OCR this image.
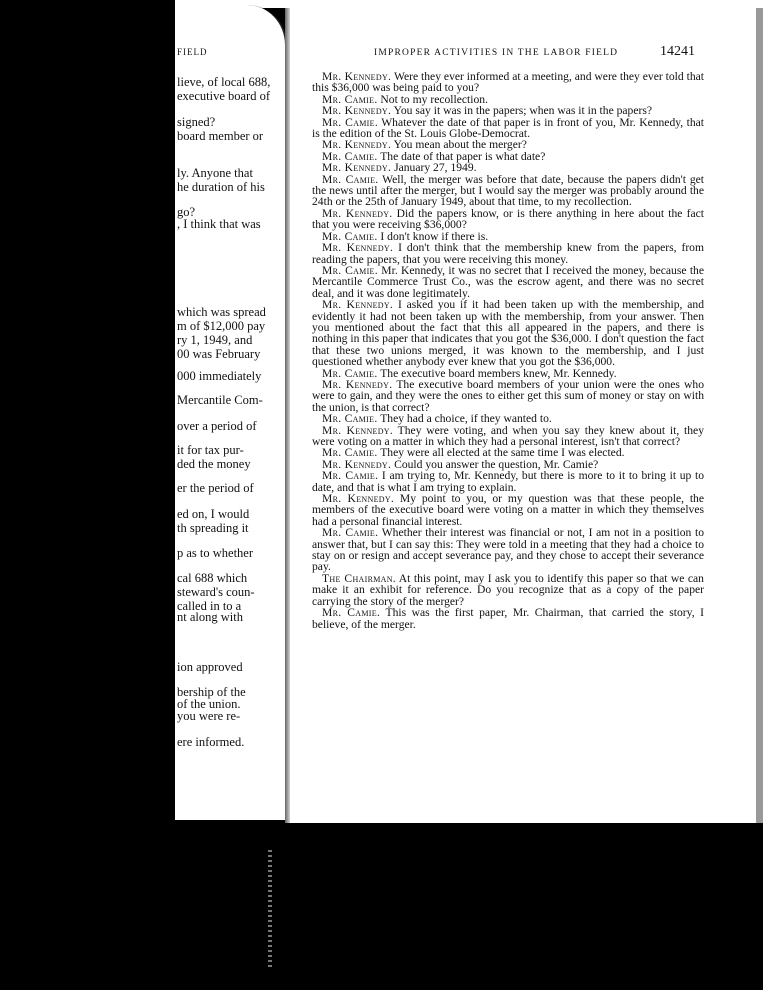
FIELD
lieve, of local 688,
executive board of
signed?
board member or
ly. Anyone that
he duration of his
go?
, I think that was
which was spread
m of $12,000 pay
ry 1, 1949, and
00 was February
000 immediately
Mercantile Com-
over a period of
it for tax pur-
ded the money
er the period of
ed on, I would
th spreading it
p as to whether
cal 688 which
steward's coun-
called in to a
nt along with
ion approved
bership of the
of the union.
you were re-
ere informed.
IMPROPER ACTIVITIES IN THE LABOR FIELD	14241

Mr. Kennedy. Were they ever informed at a meeting, and were they ever told that this $36,000 was being paid to you?

Mr. Camie. Not to my recollection.

Mr. Kennedy. You say it was in the papers; when was it in the papers?

Mr. Camie. Whatever the date of that paper is in front of you, Mr. Kennedy, that is the edition of the St. Louis Globe-Democrat.

Mr. Kennedy. You mean about the merger?

Mr. Camie. The date of that paper is what date?

Mr. Kennedy. January 27, 1949.

Mr. Camie. Well, the merger was before that date, because the papers didn't get the news until after the merger, but I would say the merger was probably around the 24th or the 25th of January 1949, about that time, to my recollection.

Mr. Kennedy. Did the papers know, or is there anything in here about the fact that you were receiving $36,000?

Mr. Camie. I don't know if there is.

Mr. Kennedy. I don't think that the membership knew from the papers, from reading the papers, that you were receiving this money.

Mr. Camie. Mr. Kennedy, it was no secret that I received the money, because the Mercantile Commerce Trust Co., was the escrow agent, and there was no secret deal, and it was done legitimately.

Mr. Kennedy. I asked you if it had been taken up with the membership, and evidently it had not been taken up with the membership, from your answer. Then you mentioned about the fact that this all appeared in the papers, and there is nothing in this paper that indicates that you got the $36,000. I don't question the fact that these two unions merged, it was known to the membership, and I just questioned whether anybody ever knew that you got the $36,000.

Mr. Camie. The executive board members knew, Mr. Kennedy.

Mr. Kennedy. The executive board members of your union were the ones who were to gain, and they were the ones to either get this sum of money or stay on with the union, is that correct?

Mr. Camie. They had a choice, if they wanted to.

Mr. Kennedy. They were voting, and when you say they knew about it, they were voting on a matter in which they had a personal interest, isn't that correct?

Mr. Camie. They were all elected at the same time I was elected.

Mr. Kennedy. Could you answer the question, Mr. Camie?

Mr. Camie. I am trying to, Mr. Kennedy, but there is more to it to bring it up to date, and that is what I am trying to explain.

Mr. Kennedy. My point to you, or my question was that these people, the members of the executive board were voting on a matter in which they themselves had a personal financial interest.

Mr. Camie. Whether their interest was financial or not, I am not in a position to answer that, but I can say this: They were told in a meeting that they had a choice to stay on or resign and accept severance pay, and they chose to accept their severance pay.

The Chairman. At this point, may I ask you to identify this paper so that we can make it an exhibit for reference. Do you recognize that as a copy of the paper carrying the story of the merger?

Mr. Camie. This was the first paper, Mr. Chairman, that carried the story, I believe, of the merger.
